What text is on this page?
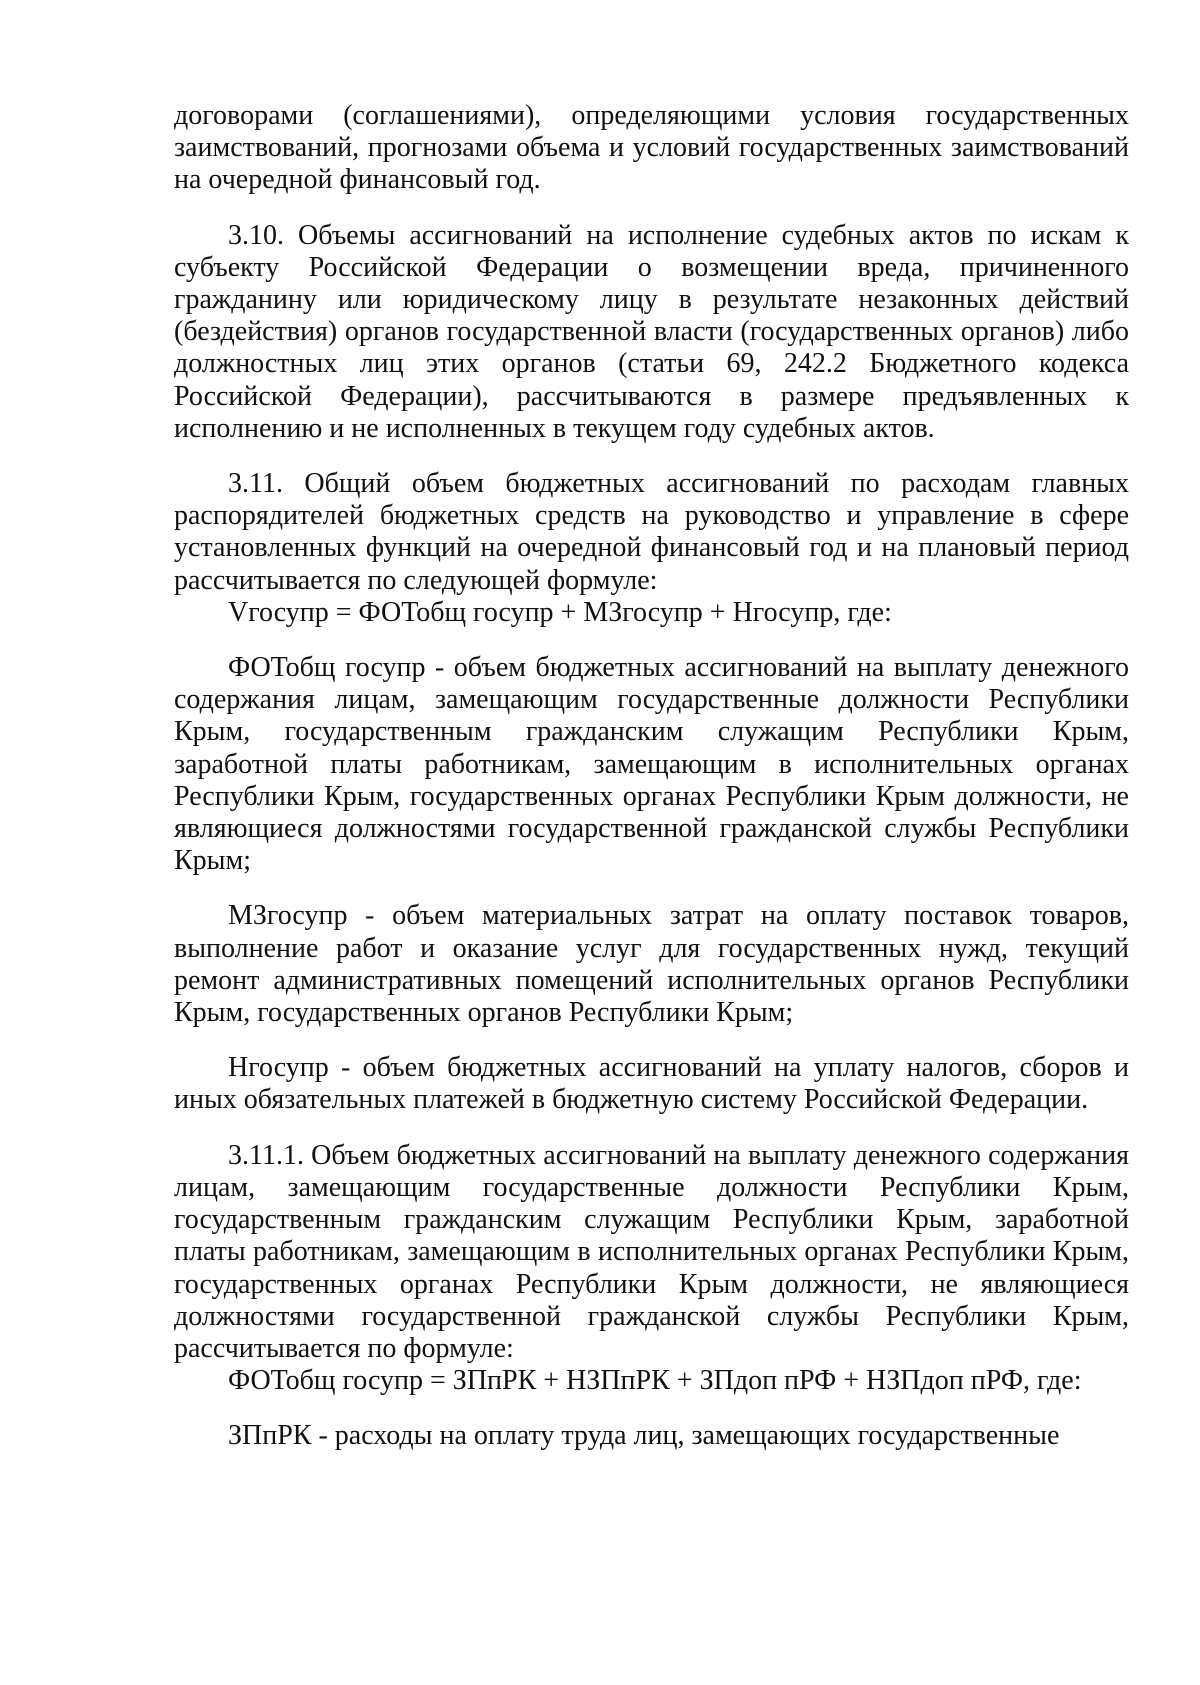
договорами (соглашениями), определяющими условия государственных заимствований, прогнозами объема и условий государственных заимствований на очередной финансовый год.

3.10. Объемы ассигнований на исполнение судебных актов по искам к субъекту Российской Федерации о возмещении вреда, причиненного гражданину или юридическому лицу в результате незаконных действий (бездействия) органов государственной власти (государственных органов) либо должностных лиц этих органов (статьи 69, 242.2 Бюджетного кодекса Российской Федерации), рассчитываются в размере предъявленных к исполнению и не исполненных в текущем году судебных актов.

3.11. Общий объем бюджетных ассигнований по расходам главных распорядителей бюджетных средств на руководство и управление в сфере установленных функций на очередной финансовый год и на плановый период рассчитывается по следующей формуле:

Vгосупр = ФОТобщ госупр + МЗгосупр + Нгосупр, где:

ФОТобщ госупр - объем бюджетных ассигнований на выплату денежного содержания лицам, замещающим государственные должности Республики Крым, государственным гражданским служащим Республики Крым, заработной платы работникам, замещающим в исполнительных органах Республики Крым, государственных органах Республики Крым должности, не являющиеся должностями государственной гражданской службы Республики Крым;

МЗгосупр - объем материальных затрат на оплату поставок товаров, выполнение работ и оказание услуг для государственных нужд, текущий ремонт административных помещений исполнительных органов Республики Крым, государственных органов Республики Крым;

Нгосупр - объем бюджетных ассигнований на уплату налогов, сборов и иных обязательных платежей в бюджетную систему Российской Федерации.

3.11.1. Объем бюджетных ассигнований на выплату денежного содержания лицам, замещающим государственные должности Республики Крым, государственным гражданским служащим Республики Крым, заработной платы работникам, замещающим в исполнительных органах Республики Крым, государственных органах Республики Крым должности, не являющиеся должностями государственной гражданской службы Республики Крым, рассчитывается по формуле:

ФОТобщ госупр = ЗПпРК + НЗПпРК + ЗПдоп пРФ + НЗПдоп пРФ, где:

ЗПпРК - расходы на оплату труда лиц, замещающих государственные
